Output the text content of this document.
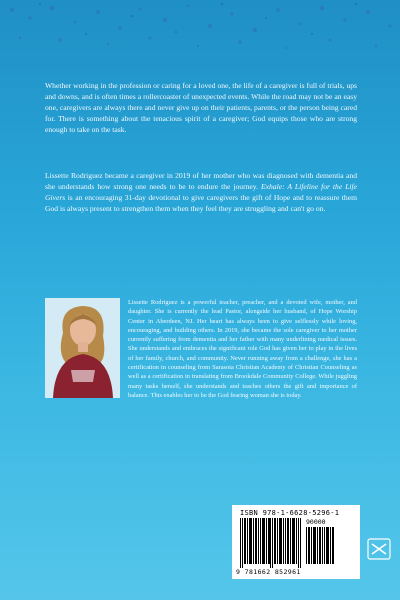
Whether working in the profession or caring for a loved one, the life of a caregiver is full of trials, ups and downs, and is often times a rollercoaster of unexpected events. While the road may not be an easy one, caregivers are always there and never give up on their patients, parents, or the person being cared for. There is something about the tenacious spirit of a caregiver; God equips those who are strong enough to take on the task.

Lissette Rodriguez became a caregiver in 2019 of her mother who was diagnosed with dementia and she understands how strong one needs to be to endure the journey. Exhale: A Lifeline for the Life Givers is an encouraging 31-day devotional to give caregivers the gift of Hope and to reassure them God is always present to strengthen them when they feel they are struggling and can't go on.

Lissette Rodriguez is a powerful teacher, preacher, and a devoted wife, mother, and daughter. She is currently the lead Pastor, alongside her husband, of Hope Worship Center in Aberdeen, NJ. Her heart has always been to give selflessly while loving, encouraging, and building others. In 2019, she became the sole caregiver to her mother currently suffering from dementia and her father with many underlining medical issues. She understands and embraces the significant role God has given her to play in the lives of her family, church, and community. Never running away from a challenge, she has a certification in counseling from Sarasota Christian Academy of Christian Counseling as well as a certification in translating from Brookdale Community College. While juggling many tasks herself, she understands and teaches others the gift and importance of balance. This enables her to be the God fearing woman she is today.

ISBN 978-1-6628-5296-1
90000
9 781662 852961
